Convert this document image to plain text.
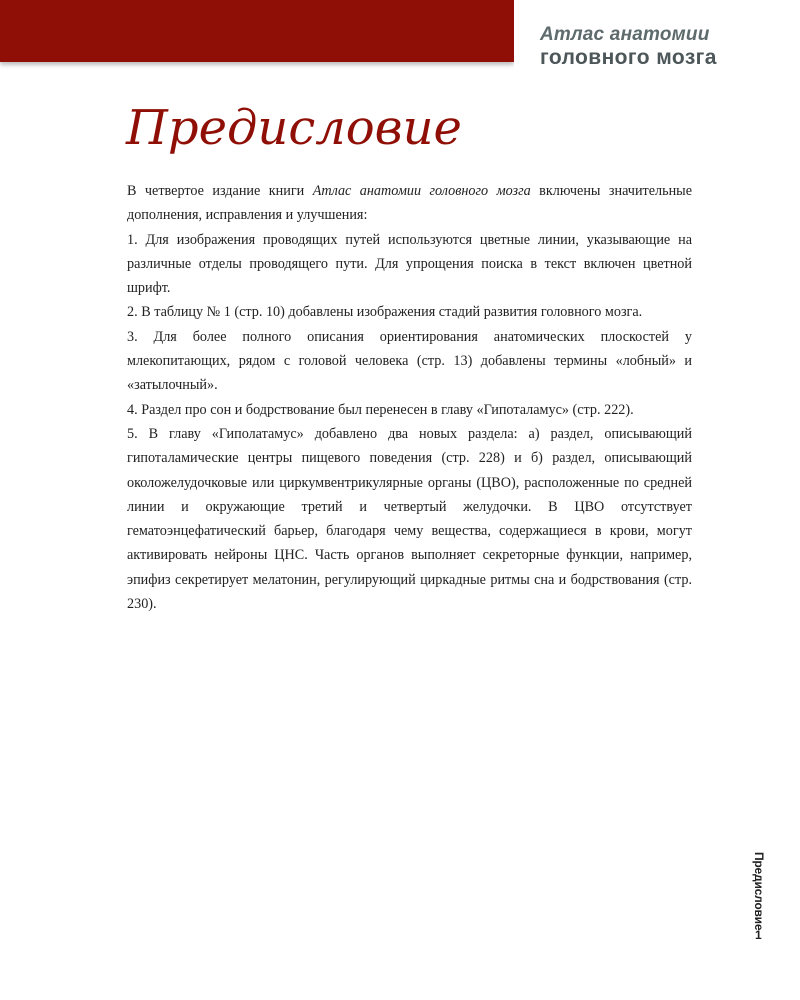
Атлас анатомии
головного мозга
Предисловие

В четвертое издание книги Атлас анатомии головного мозга включены значительные дополнения, исправления и улучшения:

1. Для изображения проводящих путей используются цветные линии, указывающие на различные отделы проводящего пути. Для упрощения поиска в текст включен цветной шрифт.

2. В таблицу № 1 (стр. 10) добавлены изображения стадий развития головного мозга.

3. Для более полного описания ориентирования анатомических плоскостей у млекопитающих, рядом с головой человека (стр. 13) добавлены термины «лобный» и «затылочный».

4. Раздел про сон и бодрствование был перенесен в главу «Гипоталамус» (стр. 222).

5. В главу «Гиполатамус» добавлено два новых раздела: а) раздел, описывающий гипоталамические центры пищевого поведения (стр. 228) и б) раздел, описывающий околожелудочковые или циркумвентрикулярные органы (ЦВО), расположенные по средней линии и окружающие третий и четвертый желудочки. В ЦВО отсутствует гематоэнцефатический барьер, благодаря чему вещества, содержащиеся в крови, могут активировать нейроны ЦНС. Часть органов выполняет секреторные функции, например, эпифиз секретирует мелатонин, регулирующий циркадные ритмы сна и бодрствования (стр. 230).

Предисловие
1
